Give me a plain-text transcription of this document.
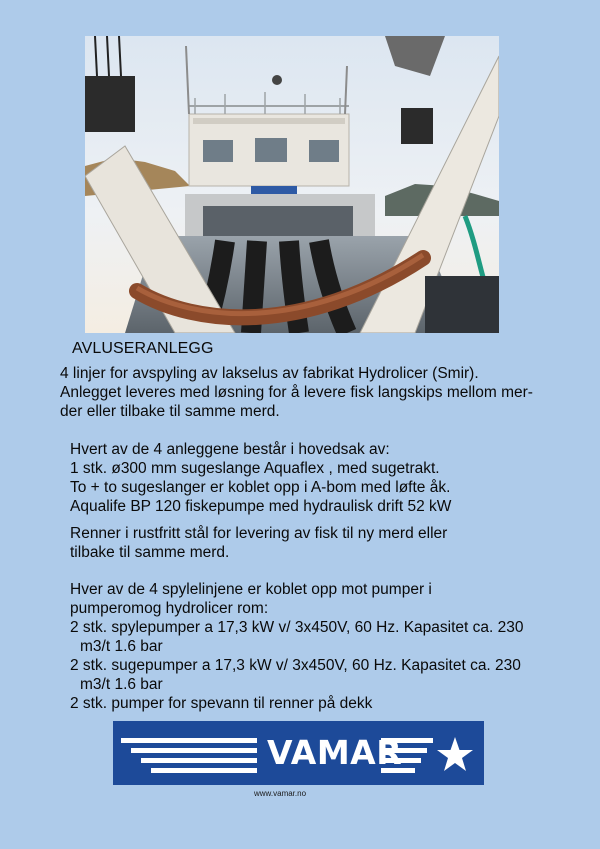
AVLUSERANLEGG
4 linjer for avspyling av lakselus av fabrikat Hydrolicer (Smir).
Anlegget leveres med løsning for å levere fisk langskips mellom mer-
der eller tilbake til samme merd.
Hvert av de 4 anleggene består i hovedsak av:
1 stk. ø300 mm sugeslange Aquaflex , med sugetrakt.
To + to sugeslanger er koblet opp i A-bom med løfte åk.
Aqualife BP 120 fiskepumpe med hydraulisk drift 52 kW
Renner i rustfritt stål for levering av fisk til ny merd eller
tilbake til samme merd.
Hver av de 4 spylelinjene er koblet opp mot pumper i
pumperomog hydrolicer rom:
2 stk. spylepumper a 17,3 kW v/ 3x450V, 60 Hz. Kapasitet ca. 230
m3/t 1.6 bar
2 stk. sugepumper a 17,3 kW v/ 3x450V, 60 Hz. Kapasitet ca. 230
m3/t 1.6 bar
2 stk. pumper for spevann til renner på dekk
VAMAR
www.vamar.no
